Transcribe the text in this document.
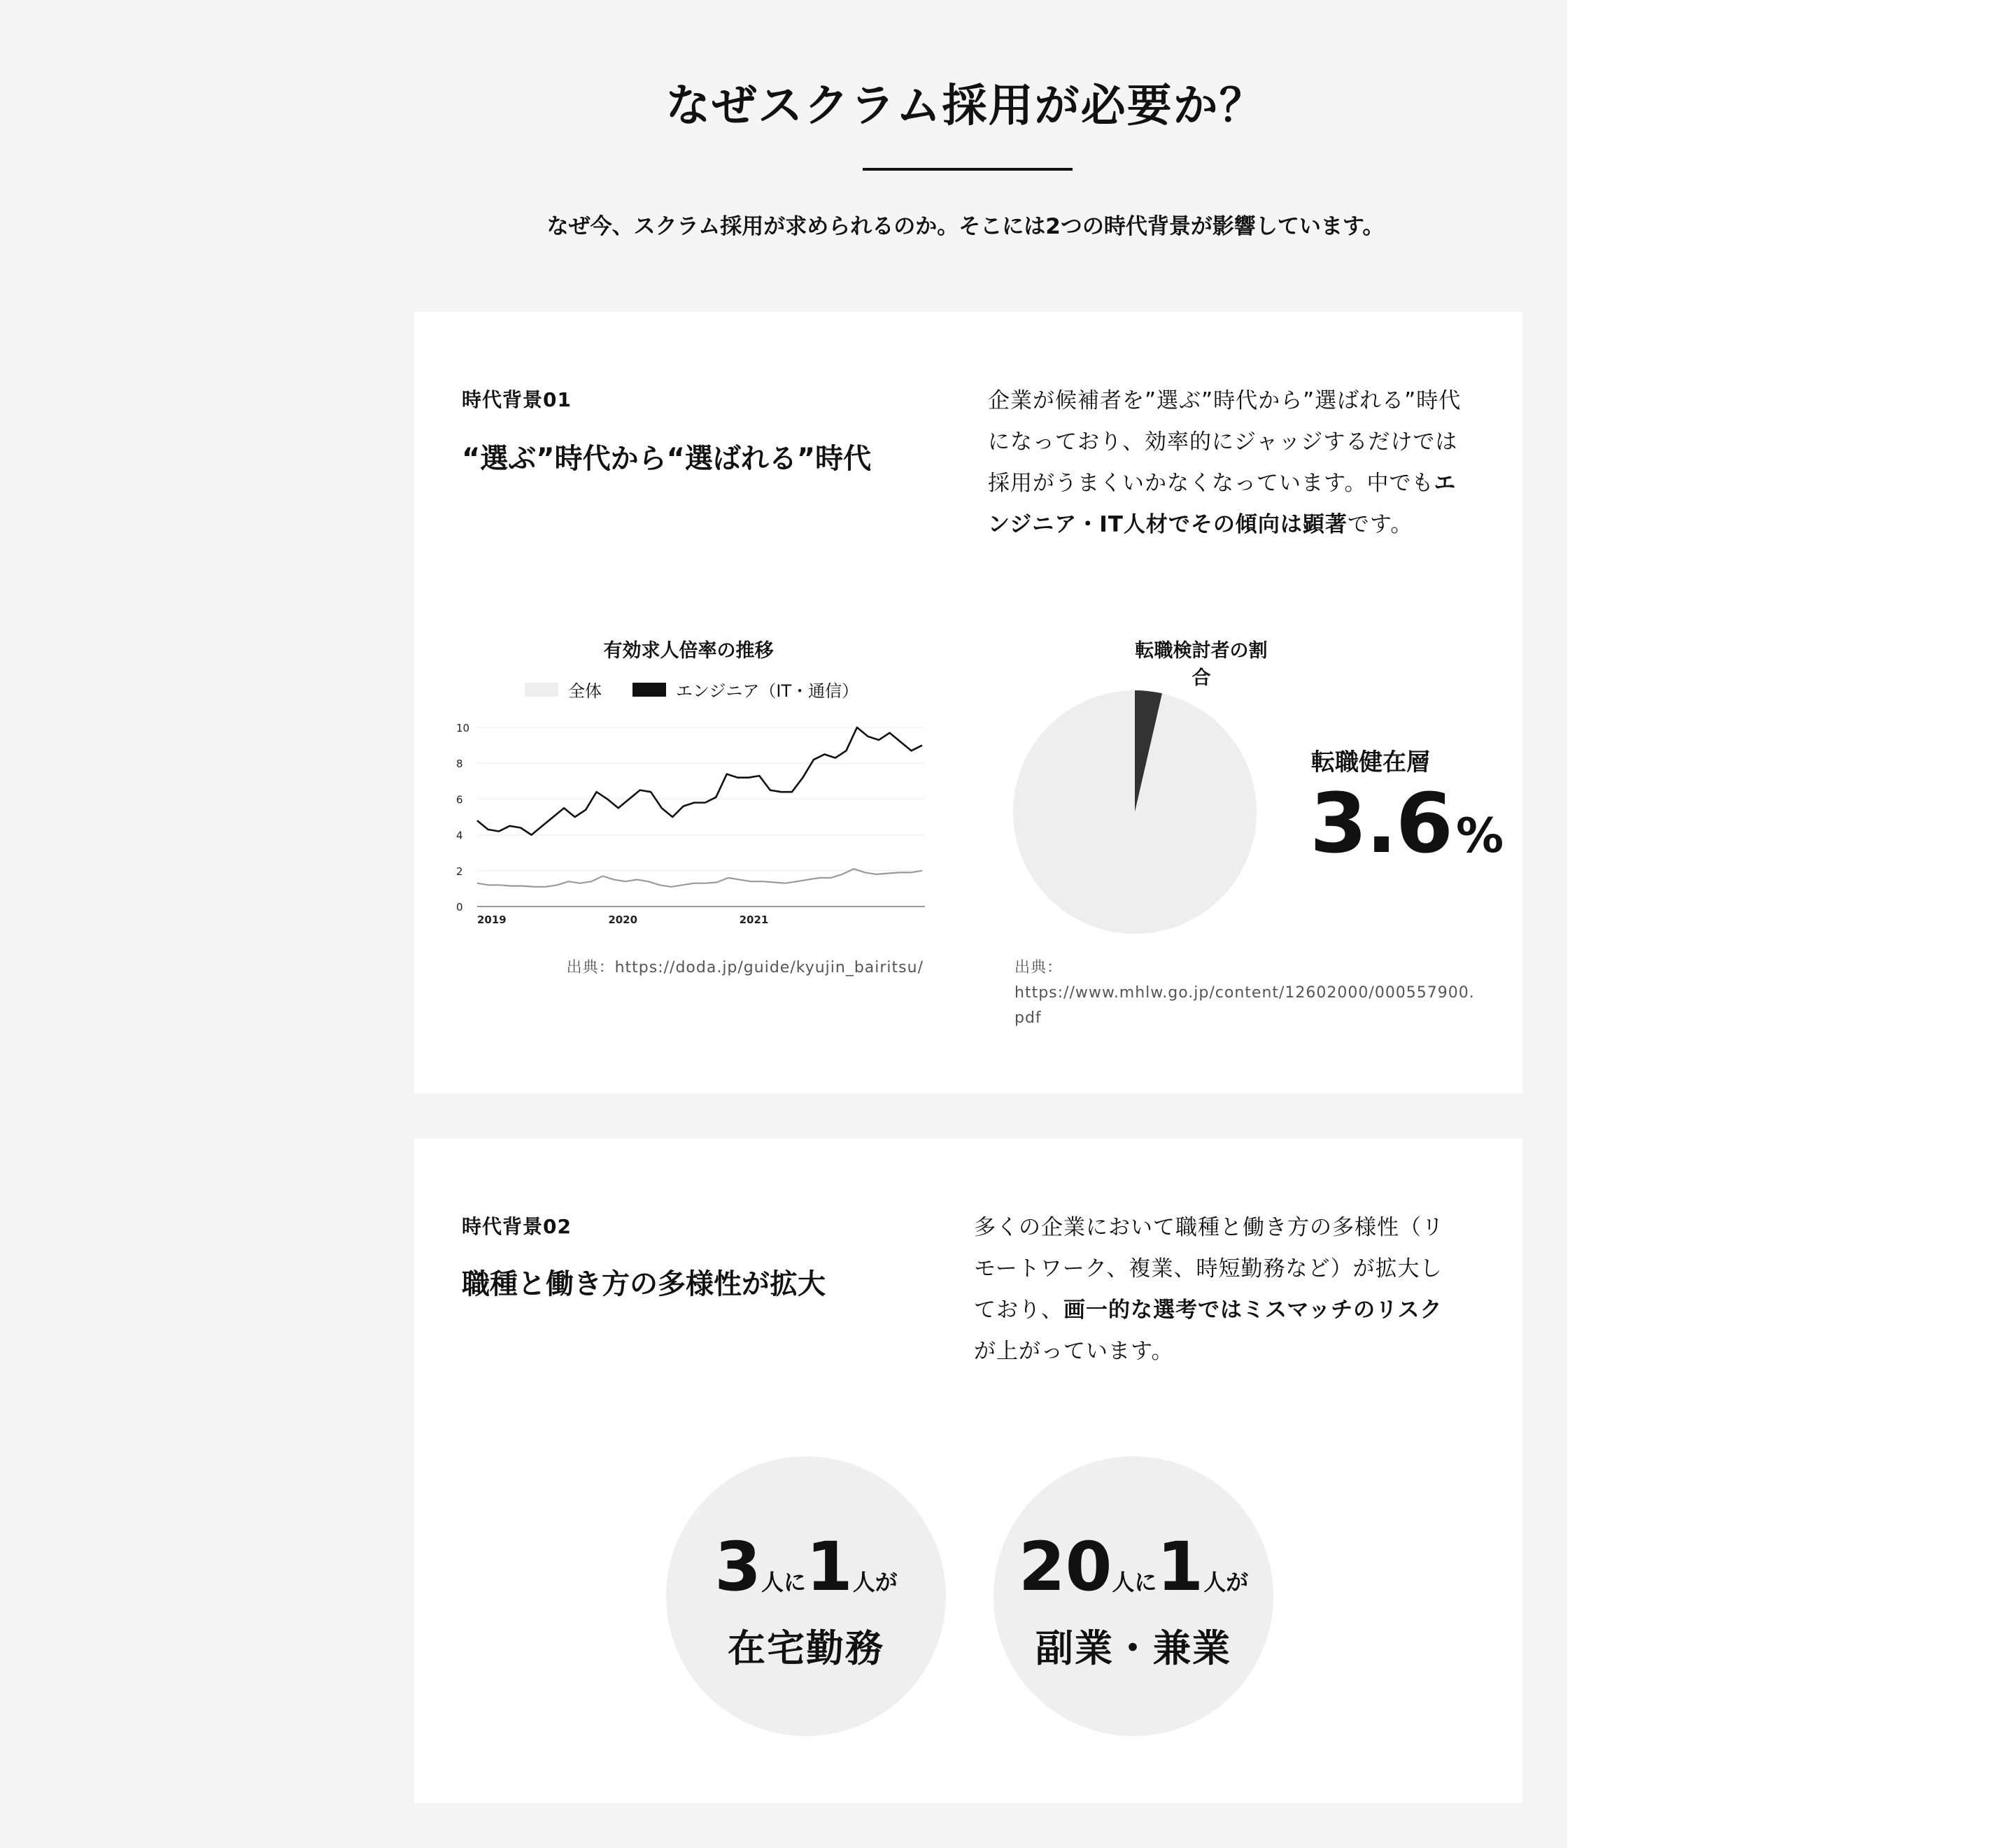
なぜスクラム採用が必要か？
なぜ今、スクラム採用が求められるのか。そこには2つの時代背景が影響しています。
時代背景01
“選ぶ”時代から“選ばれる”時代
企業が候補者を”選ぶ”時代から”選ばれる”時代
になっており、効率的にジャッジするだけでは
採用がうまくいかなくなっています。中でもエ
ンジニア・IT人材でその傾向は顕著です。
有効求人倍率の推移
全体	エンジニア（IT・通信）
0
2
4
6
8
10
2019	2020	2021
出典：https://doda.jp/guide/kyujin_bairitsu/
転職検討者の割合
転職健在層
3.6%
出典：
https://www.mhlw.go.jp/content/12602000/000557900.
pdf
時代背景02
職種と働き方の多様性が拡大
多くの企業において職種と働き方の多様性（リ
モートワーク、複業、時短勤務など）が拡大し
ており、画一的な選考ではミスマッチのリスク
が上がっています。
3人に1人が
在宅勤務
20人に1人が
副業・兼業
